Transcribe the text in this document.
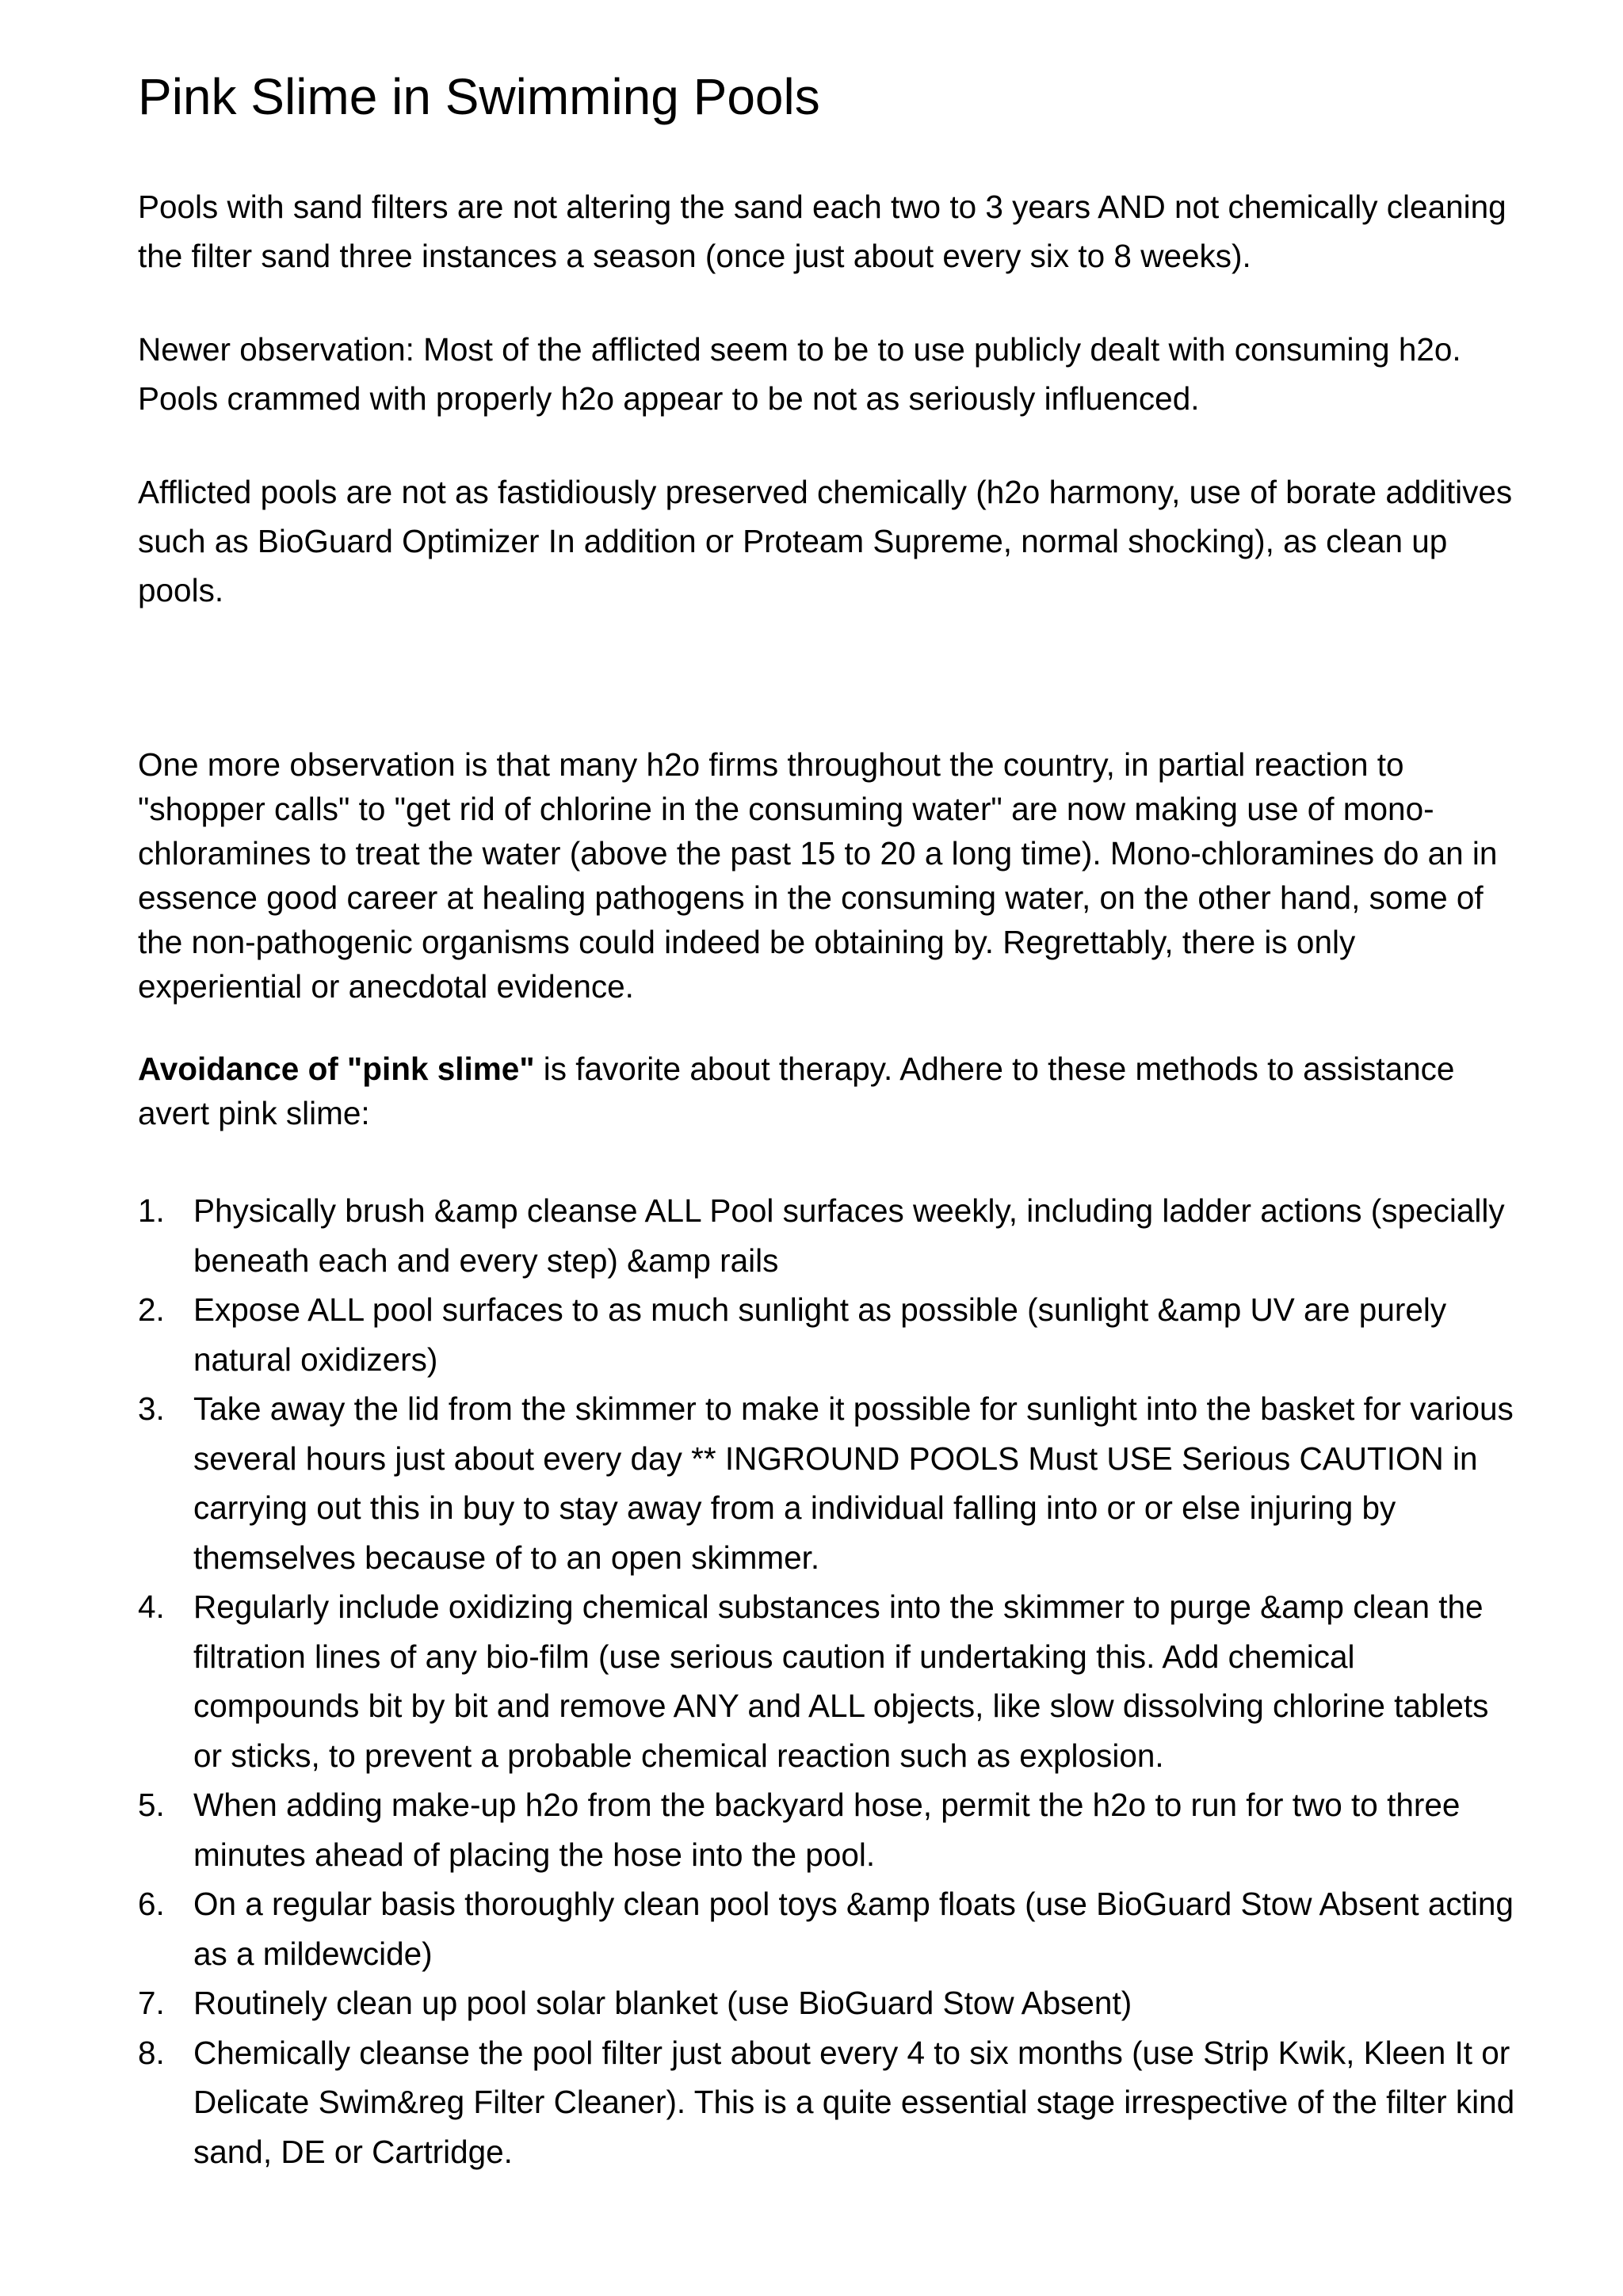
Pink Slime in Swimming Pools

Pools with sand filters are not altering the sand each two to 3 years AND not chemically cleaning the filter sand three instances a season (once just about every six to 8 weeks).

Newer observation: Most of the afflicted seem to be to use publicly dealt with consuming h2o. Pools crammed with properly h2o appear to be not as seriously influenced.

Afflicted pools are not as fastidiously preserved chemically (h2o harmony, use of borate additives such as BioGuard Optimizer In addition or Proteam Supreme, normal shocking), as clean up pools.

One more observation is that many h2o firms throughout the country, in partial reaction to "shopper calls" to "get rid of chlorine in the consuming water" are now making use of mono-chloramines to treat the water (above the past 15 to 20 a long time). Mono-chloramines do an in essence good career at healing pathogens in the consuming water, on the other hand, some of the non-pathogenic organisms could indeed be obtaining by. Regrettably, there is only experiential or anecdotal evidence.

Avoidance of "pink slime" is favorite about therapy. Adhere to these methods to assistance avert pink slime:

1. Physically brush &amp cleanse ALL Pool surfaces weekly, including ladder actions (specially beneath each and every step) &amp rails
2. Expose ALL pool surfaces to as much sunlight as possible (sunlight &amp UV are purely natural oxidizers)
3. Take away the lid from the skimmer to make it possible for sunlight into the basket for various several hours just about every day ** INGROUND POOLS Must USE Serious CAUTION in carrying out this in buy to stay away from a individual falling into or or else injuring by themselves because of to an open skimmer.
4. Regularly include oxidizing chemical substances into the skimmer to purge &amp clean the filtration lines of any bio-film (use serious caution if undertaking this. Add chemical compounds bit by bit and remove ANY and ALL objects, like slow dissolving chlorine tablets or sticks, to prevent a probable chemical reaction such as explosion.
5. When adding make-up h2o from the backyard hose, permit the h2o to run for two to three minutes ahead of placing the hose into the pool.
6. On a regular basis thoroughly clean pool toys &amp floats (use BioGuard Stow Absent acting as a mildewcide)
7. Routinely clean up pool solar blanket (use BioGuard Stow Absent)
8. Chemically cleanse the pool filter just about every 4 to six months (use Strip Kwik, Kleen It or Delicate Swim&reg Filter Cleaner). This is a quite essential stage irrespective of the filter kind sand, DE or Cartridge.
